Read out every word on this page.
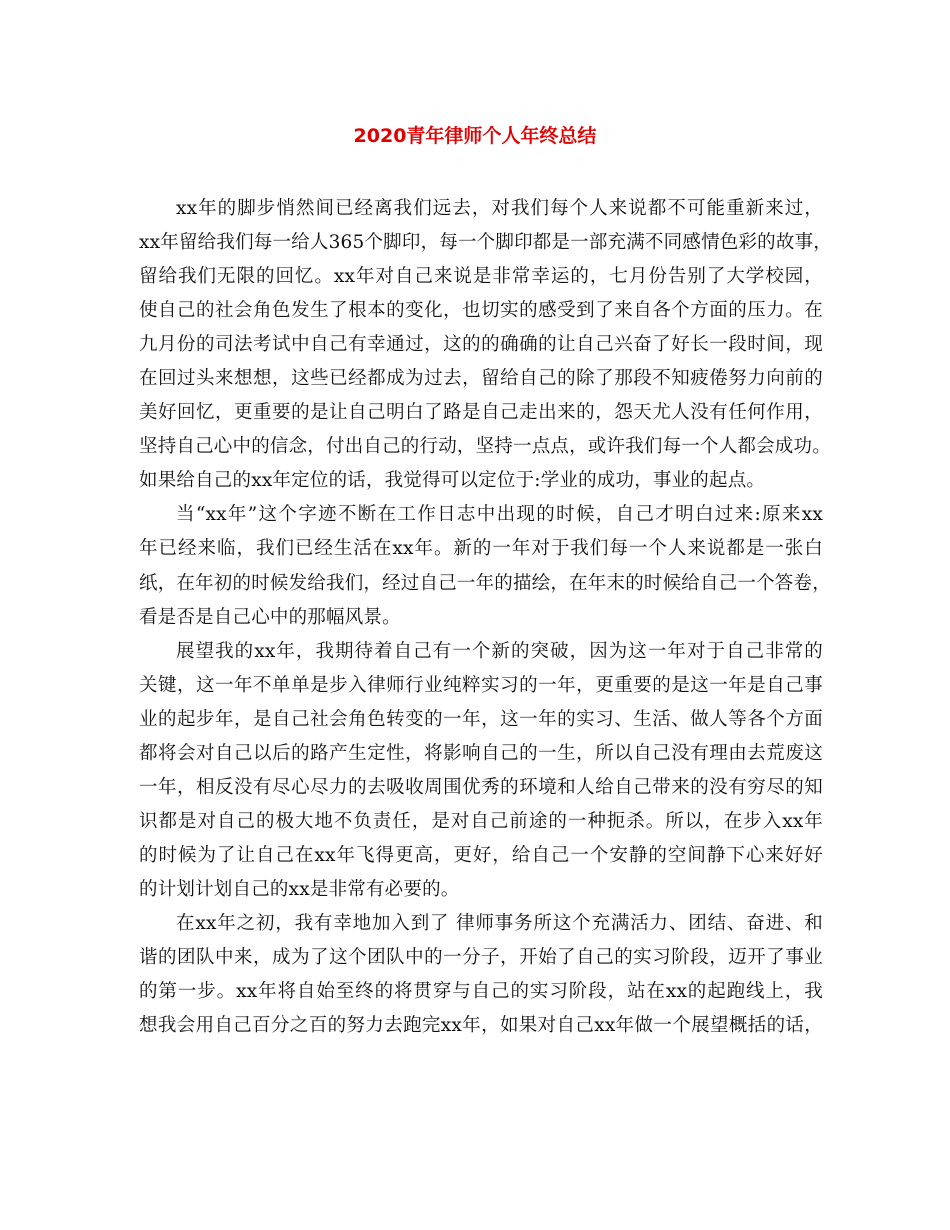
2020青年律师个人年终总结
xx年的脚步悄然间已经离我们远去，对我们每个人来说都不可能重新来过，
xx年留给我们每一给人365个脚印，每一个脚印都是一部充满不同感情色彩的故事，
留给我们无限的回忆。xx年对自己来说是非常幸运的，七月份告别了大学校园，
使自己的社会角色发生了根本的变化，也切实的感受到了来自各个方面的压力。在
九月份的司法考试中自己有幸通过，这的的确确的让自己兴奋了好长一段时间，现
在回过头来想想，这些已经都成为过去，留给自己的除了那段不知疲倦努力向前的
美好回忆，更重要的是让自己明白了路是自己走出来的，怨天尤人没有任何作用，
坚持自己心中的信念，付出自己的行动，坚持一点点，或许我们每一个人都会成功。
如果给自己的xx年定位的话，我觉得可以定位于:学业的成功，事业的起点。
当“xx年”这个字迹不断在工作日志中出现的时候，自己才明白过来:原来xx
年已经来临，我们已经生活在xx年。新的一年对于我们每一个人来说都是一张白
纸，在年初的时候发给我们，经过自己一年的描绘，在年末的时候给自己一个答卷，
看是否是自己心中的那幅风景。
展望我的xx年，我期待着自己有一个新的突破，因为这一年对于自己非常的
关键，这一年不单单是步入律师行业纯粹实习的一年，更重要的是这一年是自己事
业的起步年，是自己社会角色转变的一年，这一年的实习、生活、做人等各个方面
都将会对自己以后的路产生定性，将影响自己的一生，所以自己没有理由去荒废这
一年，相反没有尽心尽力的去吸收周围优秀的环境和人给自己带来的没有穷尽的知
识都是对自己的极大地不负责任，是对自己前途的一种扼杀。所以，在步入xx年
的时候为了让自己在xx年飞得更高，更好，给自己一个安静的空间静下心来好好
的计划计划自己的xx是非常有必要的。
在xx年之初，我有幸地加入到了 律师事务所这个充满活力、团结、奋进、和
谐的团队中来，成为了这个团队中的一分子，开始了自己的实习阶段，迈开了事业
的第一步。xx年将自始至终的将贯穿与自己的实习阶段，站在xx的起跑线上，我
想我会用自己百分之百的努力去跑完xx年，如果对自己xx年做一个展望概括的话，
